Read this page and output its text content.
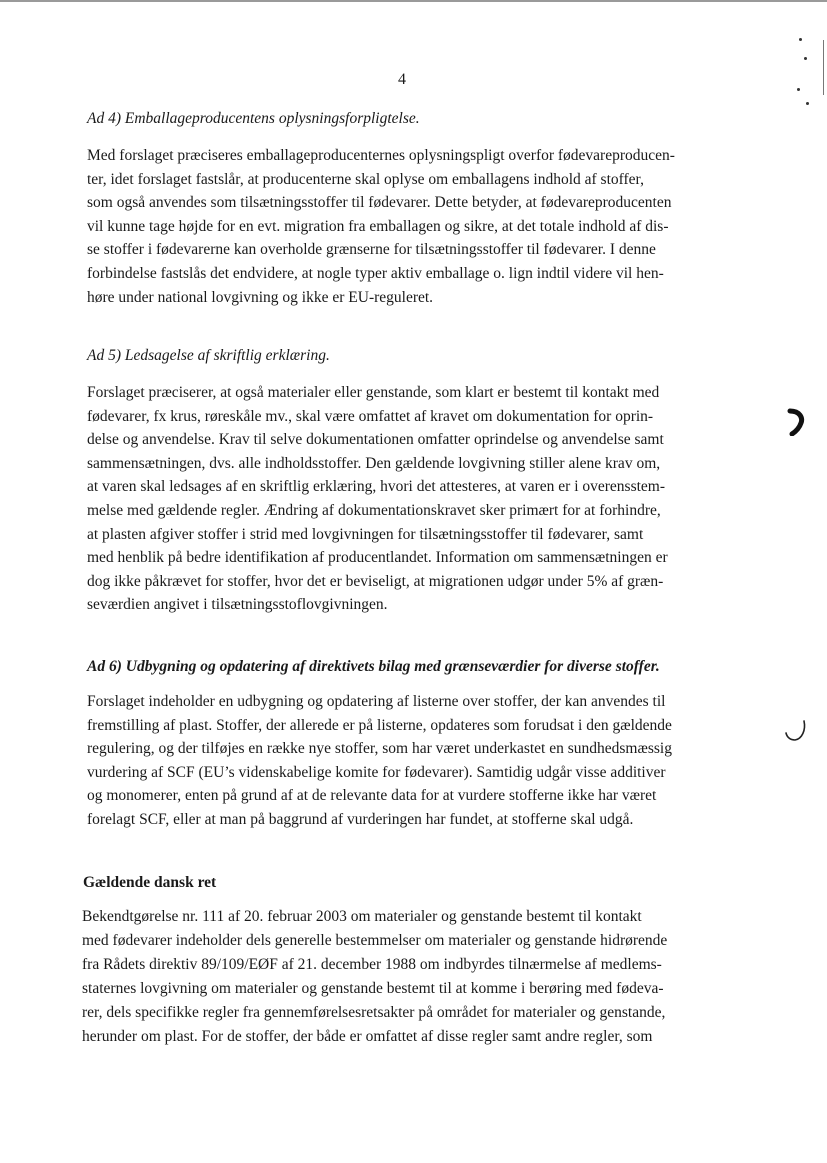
4
Ad 4) Emballageproducentens oplysningsforpligtelse.
Med forslaget præciseres emballageproducenternes oplysningspligt overfor fødevareproducen-
ter, idet forslaget fastslår, at producenterne skal oplyse om emballagens indhold af stoffer,
som også anvendes som tilsætningsstoffer til fødevarer. Dette betyder, at fødevareproducenten
vil kunne tage højde for en evt. migration fra emballagen og sikre, at det totale indhold af dis-
se stoffer i fødevarerne kan overholde grænserne for tilsætningsstoffer til fødevarer. I denne
forbindelse fastslås det endvidere, at nogle typer aktiv emballage o. lign indtil videre vil hen-
høre under national lovgivning og ikke er EU-reguleret.
Ad 5) Ledsagelse af skriftlig erklæring.
Forslaget præciserer, at også materialer eller genstande, som klart er bestemt til kontakt med
fødevarer, fx krus, røreskåle mv., skal være omfattet af kravet om dokumentation for oprin-
delse og anvendelse. Krav til selve dokumentationen omfatter oprindelse og anvendelse samt
sammensætningen, dvs. alle indholdsstoffer. Den gældende lovgivning stiller alene krav om,
at varen skal ledsages af en skriftlig erklæring, hvori det attesteres, at varen er i overensstem-
melse med gældende regler. Ændring af dokumentationskravet sker primært for at forhindre,
at plasten afgiver stoffer i strid med lovgivningen for tilsætningsstoffer til fødevarer, samt
med henblik på bedre identifikation af producentlandet. Information om sammensætningen er
dog ikke påkrævet for stoffer, hvor det er beviseligt, at migrationen udgør under 5% af græn-
seværdien angivet i tilsætningsstoflovgivningen.
Ad 6) Udbygning og opdatering af direktivets bilag med grænseværdier for diverse stoffer.
Forslaget indeholder en udbygning og opdatering af listerne over stoffer, der kan anvendes til
fremstilling af plast. Stoffer, der allerede er på listerne, opdateres som forudsat i den gældende
regulering, og der tilføjes en række nye stoffer, som har været underkastet en sundhedsmæssig
vurdering af SCF (EU’s videnskabelige komite for fødevarer). Samtidig udgår visse additiver
og monomerer, enten på grund af at de relevante data for at vurdere stofferne ikke har været
forelagt SCF, eller at man på baggrund af vurderingen har fundet, at stofferne skal udgå.
Gældende dansk ret
Bekendtgørelse nr. 111 af 20. februar 2003 om materialer og genstande bestemt til kontakt
med fødevarer indeholder dels generelle bestemmelser om materialer og genstande hidrørende
fra Rådets direktiv 89/109/EØF af 21. december 1988 om indbyrdes tilnærmelse af medlems-
staternes lovgivning om materialer og genstande bestemt til at komme i berøring med fødeva-
rer, dels specifikke regler fra gennemførelsesretsakter på området for materialer og genstande,
herunder om plast. For de stoffer, der både er omfattet af disse regler samt andre regler, som
